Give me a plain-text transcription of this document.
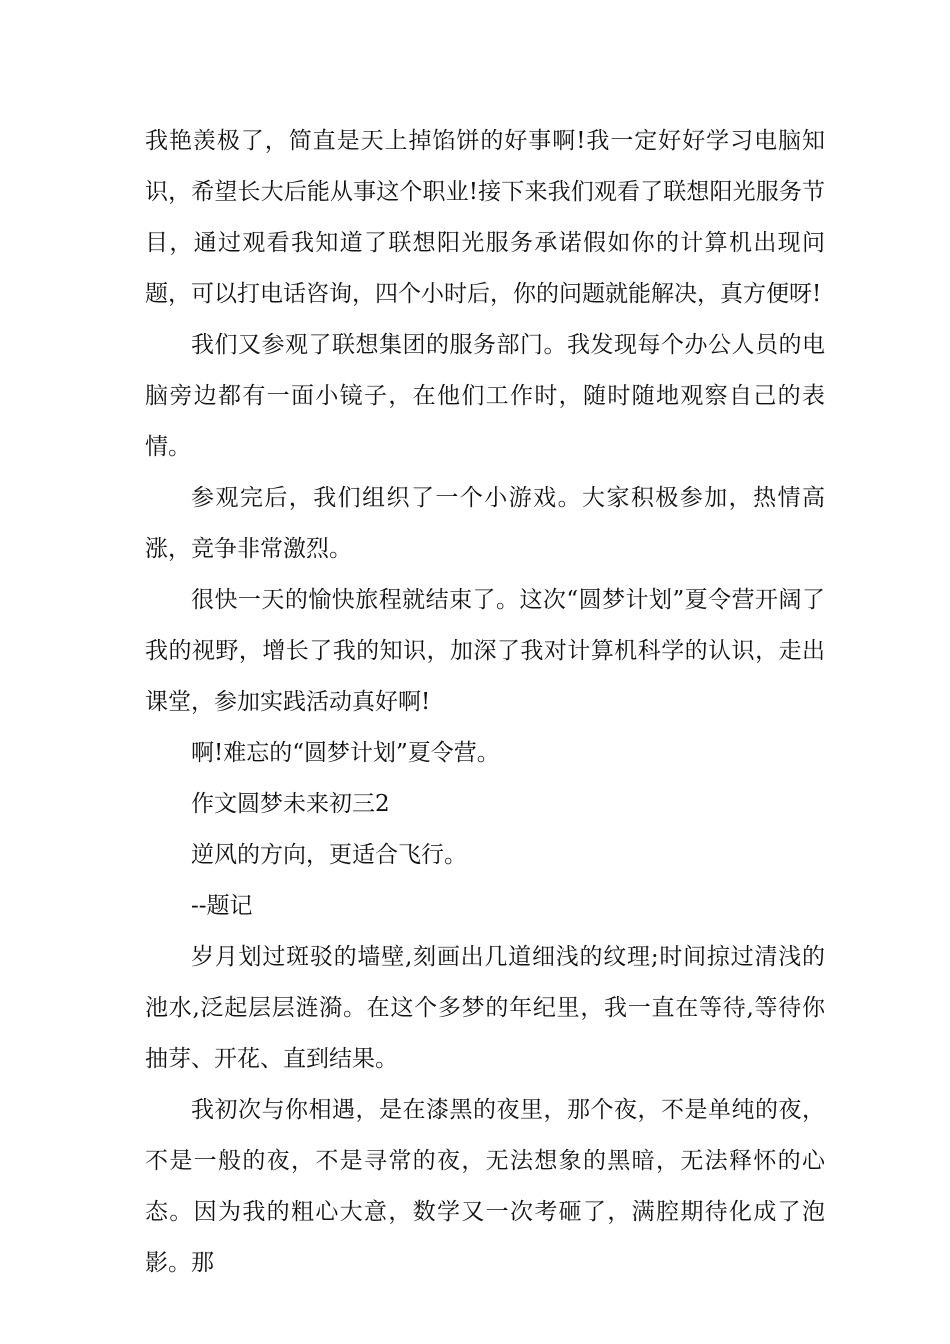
我艳羡极了，简直是天上掉馅饼的好事啊!我一定好好学习电脑知识，希望长大后能从事这个职业!接下来我们观看了联想阳光服务节目，通过观看我知道了联想阳光服务承诺假如你的计算机出现问题，可以打电话咨询，四个小时后，你的问题就能解决，真方便呀!

我们又参观了联想集团的服务部门。我发现每个办公人员的电脑旁边都有一面小镜子，在他们工作时，随时随地观察自己的表情。

参观完后，我们组织了一个小游戏。大家积极参加，热情高涨，竞争非常激烈。

很快一天的愉快旅程就结束了。这次“圆梦计划”夏令营开阔了我的视野，增长了我的知识，加深了我对计算机科学的认识，走出课堂，参加实践活动真好啊!

啊!难忘的“圆梦计划”夏令营。

作文圆梦未来初三2

逆风的方向，更适合飞行。

--题记

岁月划过斑驳的墙壁,刻画出几道细浅的纹理;时间掠过清浅的池水,泛起层层涟漪。在这个多梦的年纪里，我一直在等待,等待你抽芽、开花、直到结果。

我初次与你相遇，是在漆黑的夜里，那个夜，不是单纯的夜，不是一般的夜，不是寻常的夜，无法想象的黑暗，无法释怀的心态。因为我的粗心大意，数学又一次考砸了，满腔期待化成了泡影。那
